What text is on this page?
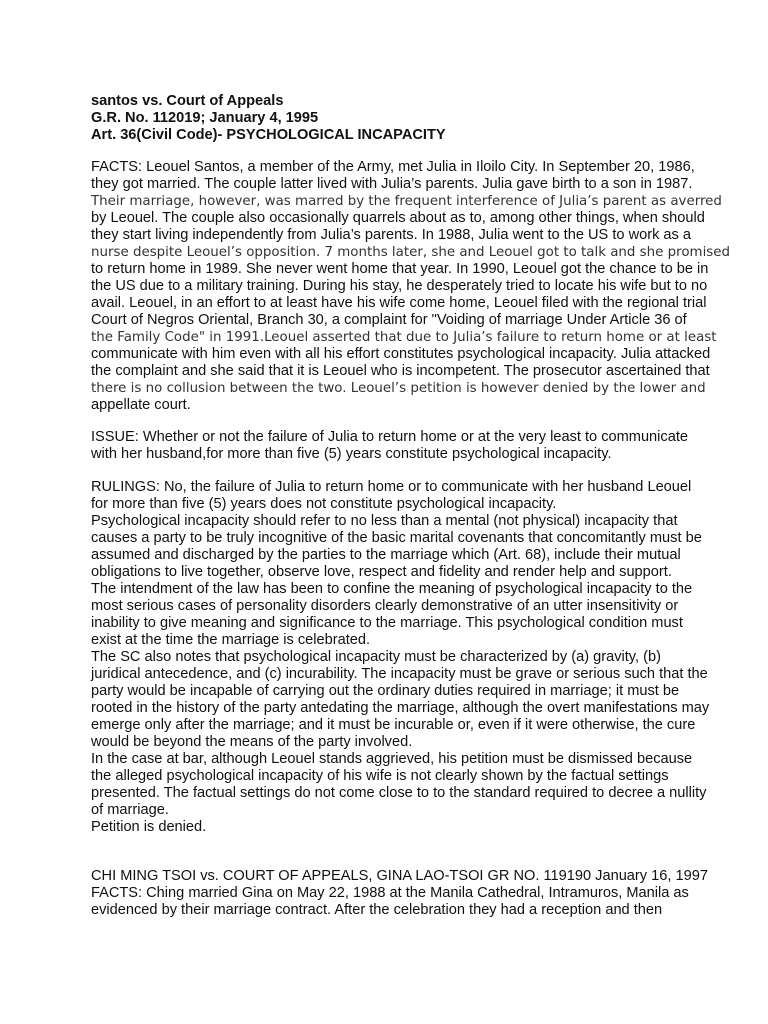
santos vs. Court of Appeals
G.R. No. 112019; January 4, 1995
Art. 36(Civil Code)- PSYCHOLOGICAL INCAPACITY
FACTS: Leouel Santos, a member of the Army, met Julia in Iloilo City. In September 20, 1986,
they got married. The couple latter lived with Julia’s parents. Julia gave birth to a son in 1987.
Their marriage, however, was marred by the frequent interference of Julia’s parent as averred
by Leouel. The couple also occasionally quarrels about as to, among other things, when should
they start living independently from Julia’s parents. In 1988, Julia went to the US to work as a
nurse despite Leouel’s opposition. 7 months later, she and Leouel got to talk and she promised
to return home in 1989. She never went home that year. In 1990, Leouel got the chance to be in
the US due to a military training. During his stay, he desperately tried to locate his wife but to no
avail. Leouel, in an effort to at least have his wife come home, Leouel filed with the regional trial
Court of Negros Oriental, Branch 30, a complaint for "Voiding of marriage Under Article 36 of
the Family Code" in 1991.Leouel asserted that due to Julia’s failure to return home or at least
communicate with him even with all his effort constitutes psychological incapacity. Julia attacked
the complaint and she said that it is Leouel who is incompetent. The prosecutor ascertained that
there is no collusion between the two. Leouel’s petition is however denied by the lower and
appellate court.
ISSUE: Whether or not the failure of Julia to return home or at the very least to communicate
with her husband,for more than five (5) years constitute psychological incapacity.
RULINGS: No, the failure of Julia to return home or to communicate with her husband Leouel
for more than five (5) years does not constitute psychological incapacity.
Psychological incapacity should refer to no less than a mental (not physical) incapacity that
causes a party to be truly incognitive of the basic marital covenants that concomitantly must be
assumed and discharged by the parties to the marriage which (Art. 68), include their mutual
obligations to live together, observe love, respect and fidelity and render help and support.
The intendment of the law has been to confine the meaning of psychological incapacity to the
most serious cases of personality disorders clearly demonstrative of an utter insensitivity or
inability to give meaning and significance to the marriage. This psychological condition must
exist at the time the marriage is celebrated.
The SC also notes that psychological incapacity must be characterized by (a) gravity, (b)
juridical antecedence, and (c) incurability. The incapacity must be grave or serious such that the
party would be incapable of carrying out the ordinary duties required in marriage; it must be
rooted in the history of the party antedating the marriage, although the overt manifestations may
emerge only after the marriage; and it must be incurable or, even if it were otherwise, the cure
would be beyond the means of the party involved.
In the case at bar, although Leouel stands aggrieved, his petition must be dismissed because
the alleged psychological incapacity of his wife is not clearly shown by the factual settings
presented. The factual settings do not come close to to the standard required to decree a nullity
of marriage.
Petition is denied.
CHI MING TSOI vs. COURT OF APPEALS, GINA LAO-TSOI GR NO. 119190 January 16, 1997
FACTS: Ching married Gina on May 22, 1988 at the Manila Cathedral, Intramuros, Manila as
evidenced by their marriage contract. After the celebration they had a reception and then
